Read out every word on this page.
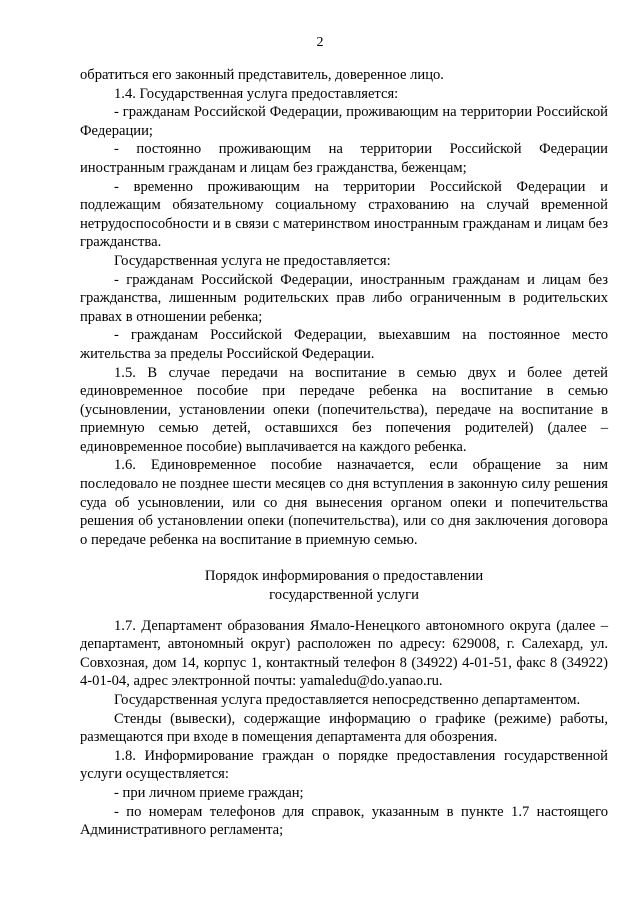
2

обратиться его законный представитель, доверенное лицо.

1.4. Государственная услуга предоставляется:

- гражданам Российской Федерации, проживающим на территории Российской Федерации;

- постоянно проживающим на территории Российской Федерации иностранным гражданам и лицам без гражданства, беженцам;

- временно проживающим на территории Российской Федерации и подлежащим обязательному социальному страхованию на случай временной нетрудоспособности и в связи с материнством иностранным гражданам и лицам без гражданства.

Государственная услуга не предоставляется:

- гражданам Российской Федерации, иностранным гражданам и лицам без гражданства, лишенным родительских прав либо ограниченным в родительских правах в отношении ребенка;

- гражданам Российской Федерации, выехавшим на постоянное место жительства за пределы Российской Федерации.

1.5. В случае передачи на воспитание в семью двух и более детей единовременное пособие при передаче ребенка на воспитание в семью (усыновлении, установлении опеки (попечительства), передаче на воспитание в приемную семью детей, оставшихся без попечения родителей) (далее – единовременное пособие) выплачивается на каждого ребенка.

1.6. Единовременное пособие назначается, если обращение за ним последовало не позднее шести месяцев со дня вступления в законную силу решения суда об усыновлении, или со дня вынесения органом опеки и попечительства решения об установлении опеки (попечительства), или со дня заключения договора о передаче ребенка на воспитание в приемную семью.

Порядок информирования о предоставлении
государственной услуги

1.7. Департамент образования Ямало-Ненецкого автономного округа (далее – департамент, автономный округ) расположен по адресу: 629008, г. Салехард, ул. Совхозная, дом 14, корпус 1, контактный телефон 8 (34922) 4-01-51, факс 8 (34922) 4-01-04, адрес электронной почты: yamaledu@do.yanao.ru.

Государственная услуга предоставляется непосредственно департаментом.

Стенды (вывески), содержащие информацию о графике (режиме) работы, размещаются при входе в помещения департамента для обозрения.

1.8. Информирование граждан о порядке предоставления государственной услуги осуществляется:

- при личном приеме граждан;

- по номерам телефонов для справок, указанным в пункте 1.7 настоящего Административного регламента;
